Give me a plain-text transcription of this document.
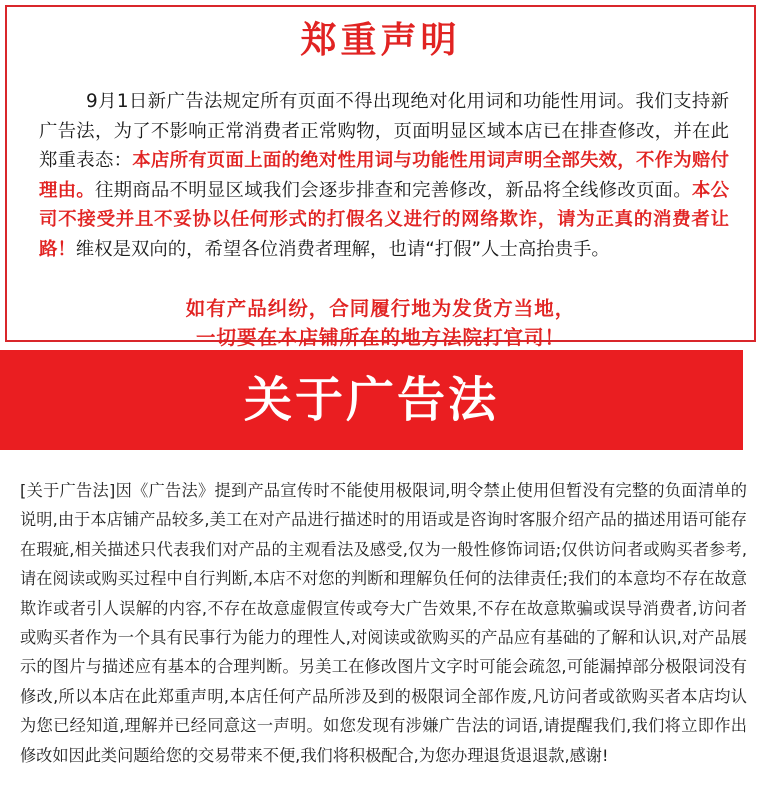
郑重声明
9月1日新广告法规定所有页面不得出现绝对化用词和功能性用词。我们支持新广告法，为了不影响正常消费者正常购物，页面明显区域本店已在排查修改，并在此郑重表态：本店所有页面上面的绝对性用词与功能性用词声明全部失效，不作为赔付理由。往期商品不明显区域我们会逐步排查和完善修改，新品将全线修改页面。本公司不接受并且不妥协以任何形式的打假名义进行的网络欺诈，请为正真的消费者让路！维权是双向的，希望各位消费者理解，也请“打假”人士高抬贵手。
如有产品纠纷，合同履行地为发货方当地，
一切要在本店铺所在的地方法院打官司！
关于广告法
[关于广告法]因《广告法》提到产品宣传时不能使用极限词,明令禁止使用但暂没有完整的负面清单的说明,由于本店铺产品较多,美工在对产品进行描述时的用语或是咨询时客服介绍产品的描述用语可能存在瑕疵,相关描述只代表我们对产品的主观看法及感受,仅为一般性修饰词语;仅供访问者或购买者参考,请在阅读或购买过程中自行判断,本店不对您的判断和理解负任何的法律责任;我们的本意均不存在故意欺诈或者引人误解的内容,不存在故意虚假宣传或夸大广告效果,不存在故意欺骗或误导消费者,访问者或购买者作为一个具有民事行为能力的理性人,对阅读或欲购买的产品应有基础的了解和认识,对产品展示的图片与描述应有基本的合理判断。另美工在修改图片文字时可能会疏忽,可能漏掉部分极限词没有修改,所以本店在此郑重声明,本店任何产品所涉及到的极限词全部作废,凡访问者或欲购买者本店均认为您已经知道,理解并已经同意这一声明。如您发现有涉嫌广告法的词语,请提醒我们,我们将立即作出修改如因此类问题给您的交易带来不便,我们将积极配合,为您办理退货退退款,感谢!
